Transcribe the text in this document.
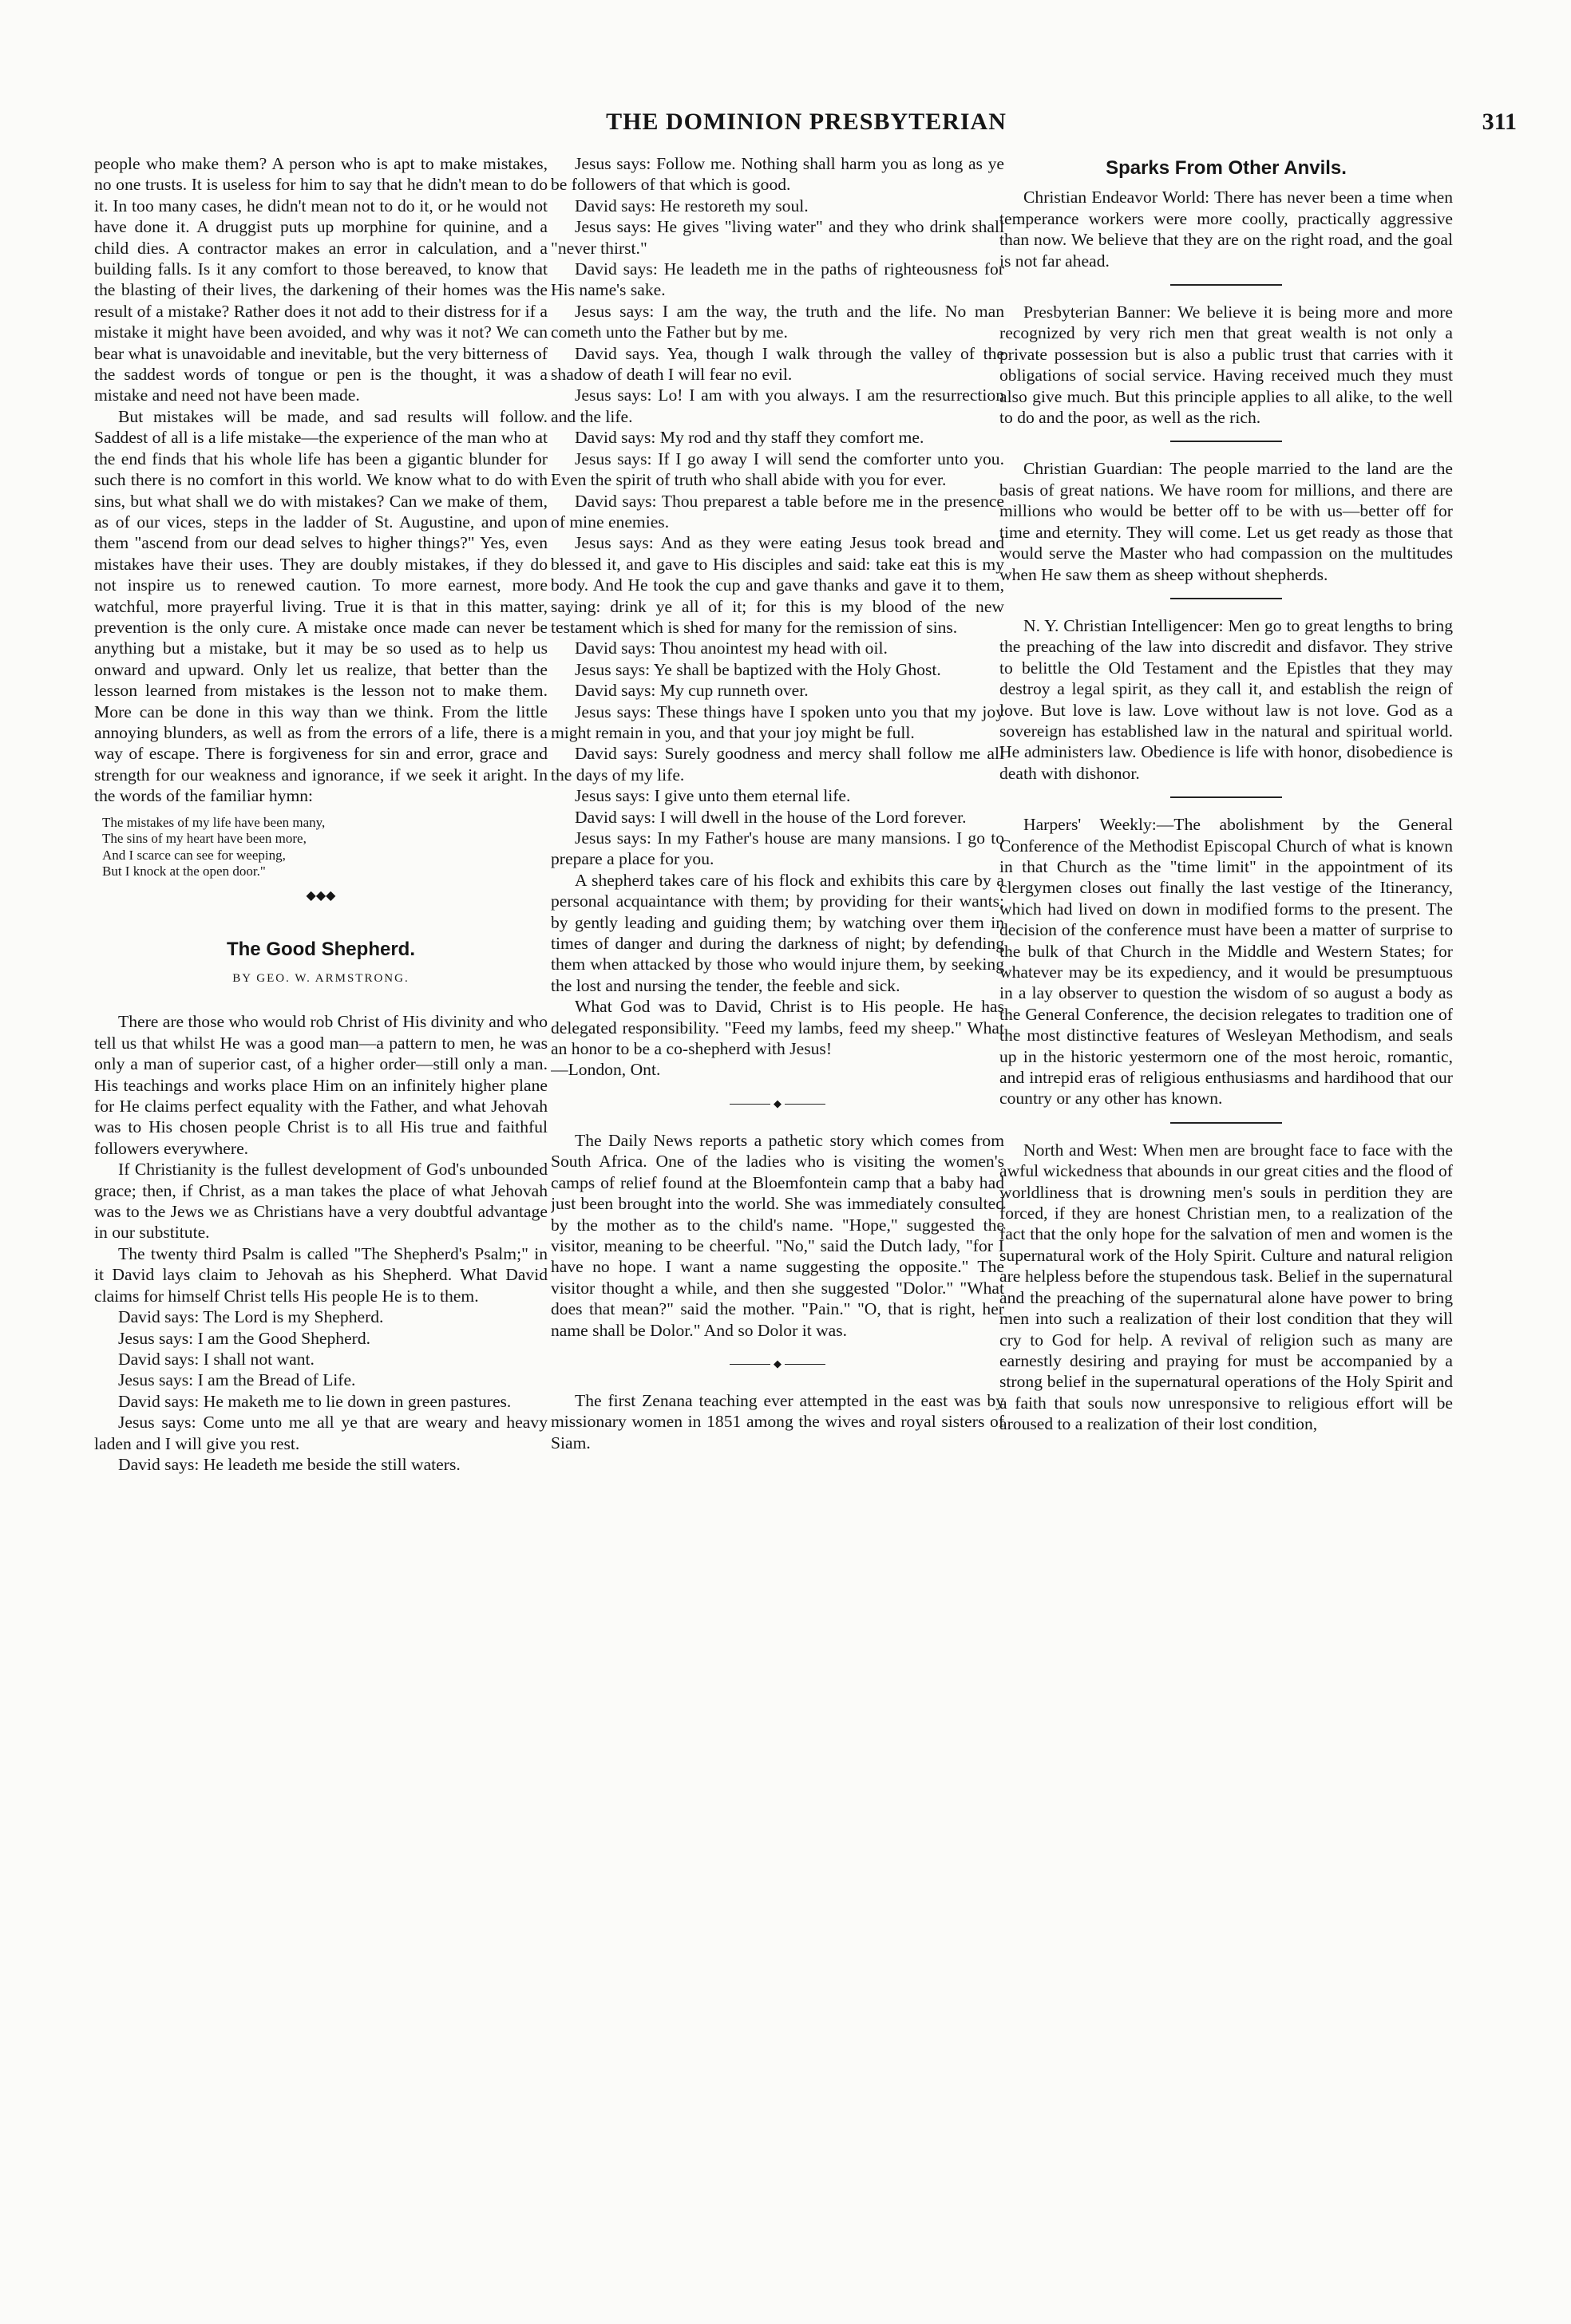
THE DOMINION PRESBYTERIAN	311

people who make them? A person who is apt to make mistakes, no one trusts. It is useless for him to say that he didn't mean to do it. In too many cases, he didn't mean not to do it, or he would not have done it. A druggist puts up morphine for quinine, and a child dies. A contractor makes an error in calculation, and a building falls. Is it any comfort to those bereaved, to know that the blasting of their lives, the darkening of their homes was the result of a mistake? Rather does it not add to their distress for if a mistake it might have been avoided, and why was it not? We can bear what is unavoidable and inevitable, but the very bitterness of the saddest words of tongue or pen is the thought, it was a mistake and need not have been made.

But mistakes will be made, and sad results will follow. Saddest of all is a life mistake—the experience of the man who at the end finds that his whole life has been a gigantic blunder for such there is no comfort in this world. We know what to do with sins, but what shall we do with mistakes? Can we make of them, as of our vices, steps in the ladder of St. Augustine, and upon them "ascend from our dead selves to higher things?" Yes, even mistakes have their uses. They are doubly mistakes, if they do not inspire us to renewed caution. To more earnest, more watchful, more prayerful living. True it is that in this matter, prevention is the only cure. A mistake once made can never be anything but a mistake, but it may be so used as to help us onward and upward. Only let us realize, that better than the lesson learned from mistakes is the lesson not to make them. More can be done in this way than we think. From the little annoying blunders, as well as from the errors of a life, there is a way of escape. There is forgiveness for sin and error, grace and strength for our weakness and ignorance, if we seek it aright. In the words of the familiar hymn:

The mistakes of my life have been many,
The sins of my heart have been more,
And I scarce can see for weeping,
But I knock at the open door."
◆◆◆
The Good Shepherd.
BY GEO. W. ARMSTRONG.

There are those who would rob Christ of His divinity and who tell us that whilst He was a good man—a pattern to men, he was only a man of superior cast, of a higher order—still only a man. His teachings and works place Him on an infinitely higher plane for He claims perfect equality with the Father, and what Jehovah was to His chosen people Christ is to all His true and faithful followers everywhere.

If Christianity is the fullest development of God's unbounded grace; then, if Christ, as a man takes the place of what Jehovah was to the Jews we as Christians have a very doubtful advantage in our substitute.

The twenty third Psalm is called "The Shepherd's Psalm;" in it David lays claim to Jehovah as his Shepherd. What David claims for himself Christ tells His people He is to them.

David says: The Lord is my Shepherd.

Jesus says: I am the Good Shepherd.

David says: I shall not want.

Jesus says: I am the Bread of Life.

David says: He maketh me to lie down in green pastures.

Jesus says: Come unto me all ye that are weary and heavy laden and I will give you rest.

David says: He leadeth me beside the still waters.

Jesus says: Follow me. Nothing shall harm you as long as ye be followers of that which is good.

David says: He restoreth my soul.

Jesus says: He gives "living water" and they who drink shall "never thirst."

David says: He leadeth me in the paths of righteousness for His name's sake.

Jesus says: I am the way, the truth and the life. No man cometh unto the Father but by me.

David says. Yea, though I walk through the valley of the shadow of death I will fear no evil.

Jesus says: Lo! I am with you always. I am the resurrection and the life.

David says: My rod and thy staff they comfort me.

Jesus says: If I go away I will send the comforter unto you. Even the spirit of truth who shall abide with you for ever.

David says: Thou preparest a table before me in the presence of mine enemies.

Jesus says: And as they were eating Jesus took bread and blessed it, and gave to His disciples and said: take eat this is my body. And He took the cup and gave thanks and gave it to them, saying: drink ye all of it; for this is my blood of the new testament which is shed for many for the remission of sins.

David says: Thou anointest my head with oil.

Jesus says: Ye shall be baptized with the Holy Ghost.

David says: My cup runneth over.

Jesus says: These things have I spoken unto you that my joy might remain in you, and that your joy might be full.

David says: Surely goodness and mercy shall follow me all the days of my life.

Jesus says: I give unto them eternal life.

David says: I will dwell in the house of the Lord forever.

Jesus says: In my Father's house are many mansions. I go to prepare a place for you.

A shepherd takes care of his flock and exhibits this care by a personal acquaintance with them; by providing for their wants; by gently leading and guiding them; by watching over them in times of danger and during the darkness of night; by defending them when attacked by those who would injure them, by seeking the lost and nursing the tender, the feeble and sick.

What God was to David, Christ is to His people. He has delegated responsibility. "Feed my lambs, feed my sheep." What an honor to be a co-shepherd with Jesus!

—London, Ont.

◆

The Daily News reports a pathetic story which comes from South Africa. One of the ladies who is visiting the women's camps of relief found at the Bloemfontein camp that a baby had just been brought into the world. She was immediately consulted by the mother as to the child's name. "Hope," suggested the visitor, meaning to be cheerful. "No," said the Dutch lady, "for I have no hope. I want a name suggesting the opposite." The visitor thought a while, and then she suggested "Dolor." "What does that mean?" said the mother. "Pain." "O, that is right, her name shall be Dolor." And so Dolor it was.

◆

The first Zenana teaching ever attempted in the east was by missionary women in 1851 among the wives and royal sisters of Siam.

Sparks From Other Anvils.

Christian Endeavor World: There has never been a time when temperance workers were more coolly, practically aggressive than now. We believe that they are on the right road, and the goal is not far ahead.

Presbyterian Banner: We believe it is being more and more recognized by very rich men that great wealth is not only a private possession but is also a public trust that carries with it obligations of social service. Having received much they must also give much. But this principle applies to all alike, to the well to do and the poor, as well as the rich.

Christian Guardian: The people married to the land are the basis of great nations. We have room for millions, and there are millions who would be better off to be with us—better off for time and eternity. They will come. Let us get ready as those that would serve the Master who had compassion on the multitudes when He saw them as sheep without shepherds.

N. Y. Christian Intelligencer: Men go to great lengths to bring the preaching of the law into discredit and disfavor. They strive to belittle the Old Testament and the Epistles that they may destroy a legal spirit, as they call it, and establish the reign of love. But love is law. Love without law is not love. God as a sovereign has established law in the natural and spiritual world. He administers law. Obedience is life with honor, disobedience is death with dishonor.

Harpers' Weekly:—The abolishment by the General Conference of the Methodist Episcopal Church of what is known in that Church as the "time limit" in the appointment of its clergymen closes out finally the last vestige of the Itinerancy, which had lived on down in modified forms to the present. The decision of the conference must have been a matter of surprise to the bulk of that Church in the Middle and Western States; for whatever may be its expediency, and it would be presumptuous in a lay observer to question the wisdom of so august a body as the General Conference, the decision relegates to tradition one of the most distinctive features of Wesleyan Methodism, and seals up in the historic yestermorn one of the most heroic, romantic, and intrepid eras of religious enthusiasms and hardihood that our country or any other has known.

North and West: When men are brought face to face with the awful wickedness that abounds in our great cities and the flood of worldliness that is drowning men's souls in perdition they are forced, if they are honest Christian men, to a realization of the fact that the only hope for the salvation of men and women is the supernatural work of the Holy Spirit. Culture and natural religion are helpless before the stupendous task. Belief in the supernatural and the preaching of the supernatural alone have power to bring men into such a realization of their lost condition that they will cry to God for help. A revival of religion such as many are earnestly desiring and praying for must be accompanied by a strong belief in the supernatural operations of the Holy Spirit and a faith that souls now unresponsive to religious effort will be aroused to a realization of their lost condition,
